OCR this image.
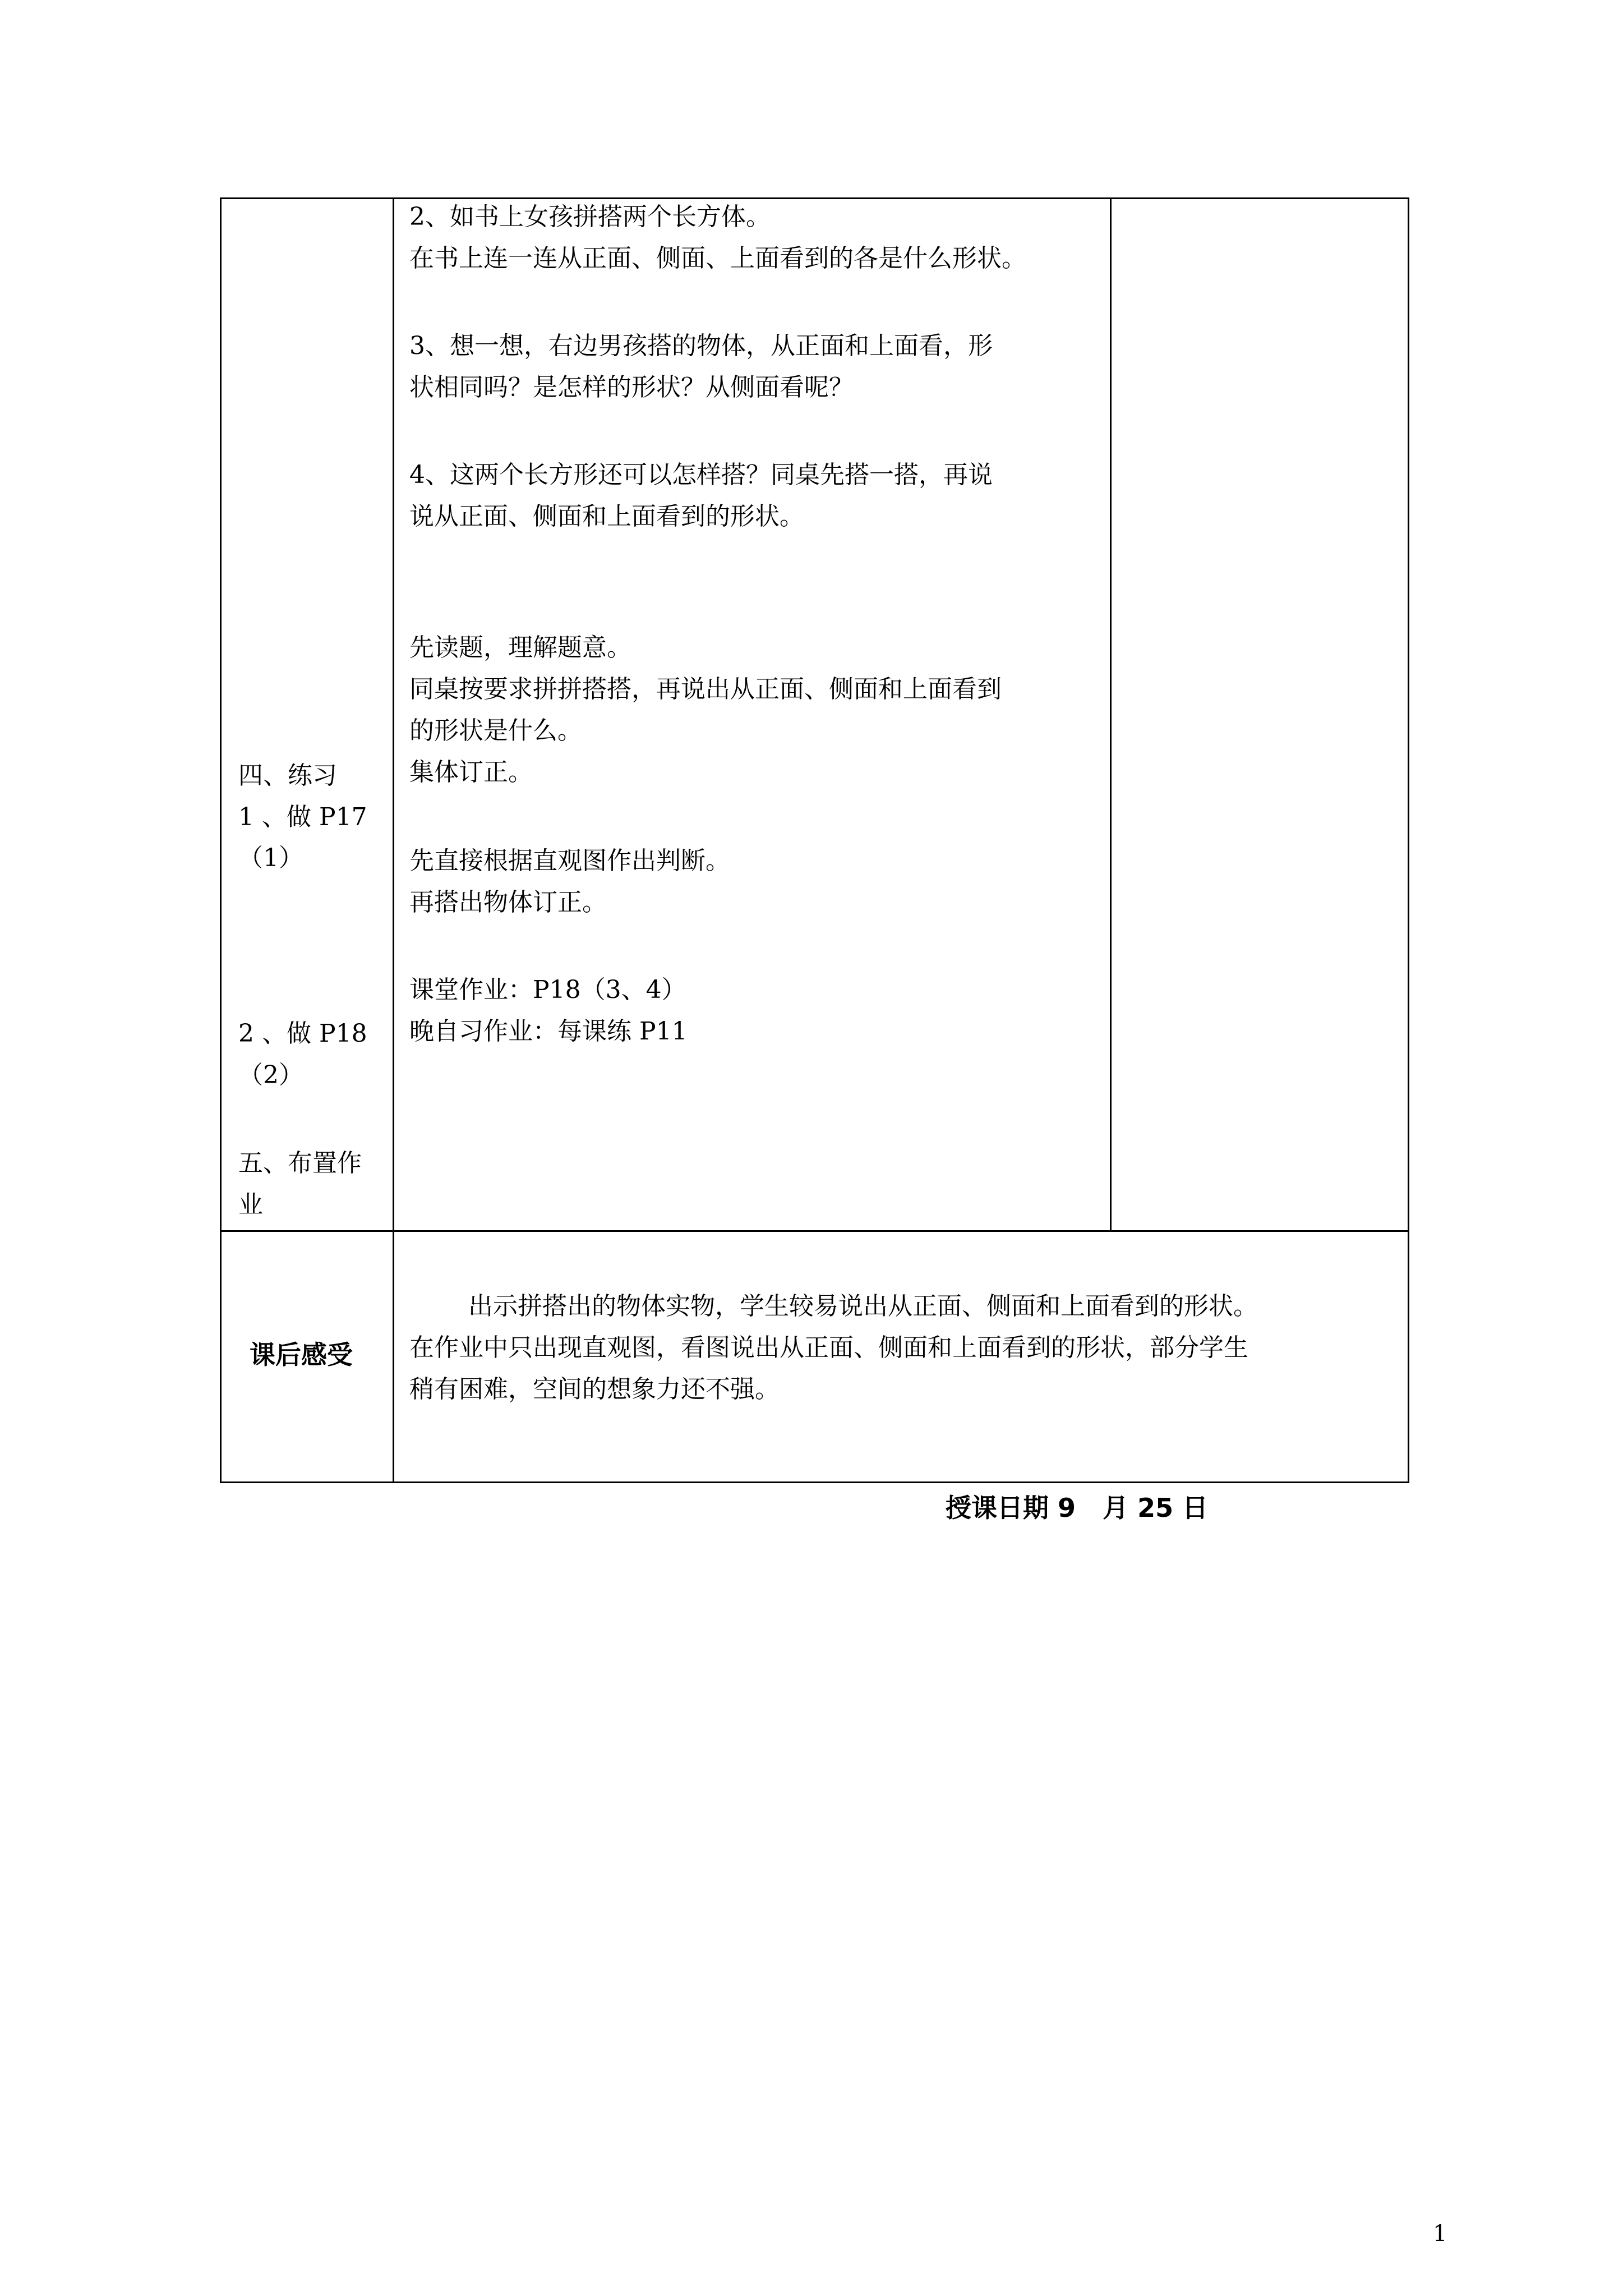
四、练习
1 、做 P17
（1）
2 、做 P18
（2）
五、布置作
业
2、如书上女孩拼搭两个长方体。
在书上连一连从正面、侧面、上面看到的各是什么形状。
3、想一想，右边男孩搭的物体，从正面和上面看，形
状相同吗？是怎样的形状？从侧面看呢？
4、这两个长方形还可以怎样搭？同桌先搭一搭，再说
说从正面、侧面和上面看到的形状。
先读题，理解题意。
同桌按要求拼拼搭搭，再说出从正面、侧面和上面看到
的形状是什么。
集体订正。
先直接根据直观图作出判断。
再搭出物体订正。
课堂作业：P18（3、4）
晚自习作业：每课练 P11
课后感受
出示拼搭出的物体实物，学生较易说出从正面、侧面和上面看到的形状。
在作业中只出现直观图，看图说出从正面、侧面和上面看到的形状，部分学生
稍有困难，空间的想象力还不强。
授课日期 9   月 25 日
1
